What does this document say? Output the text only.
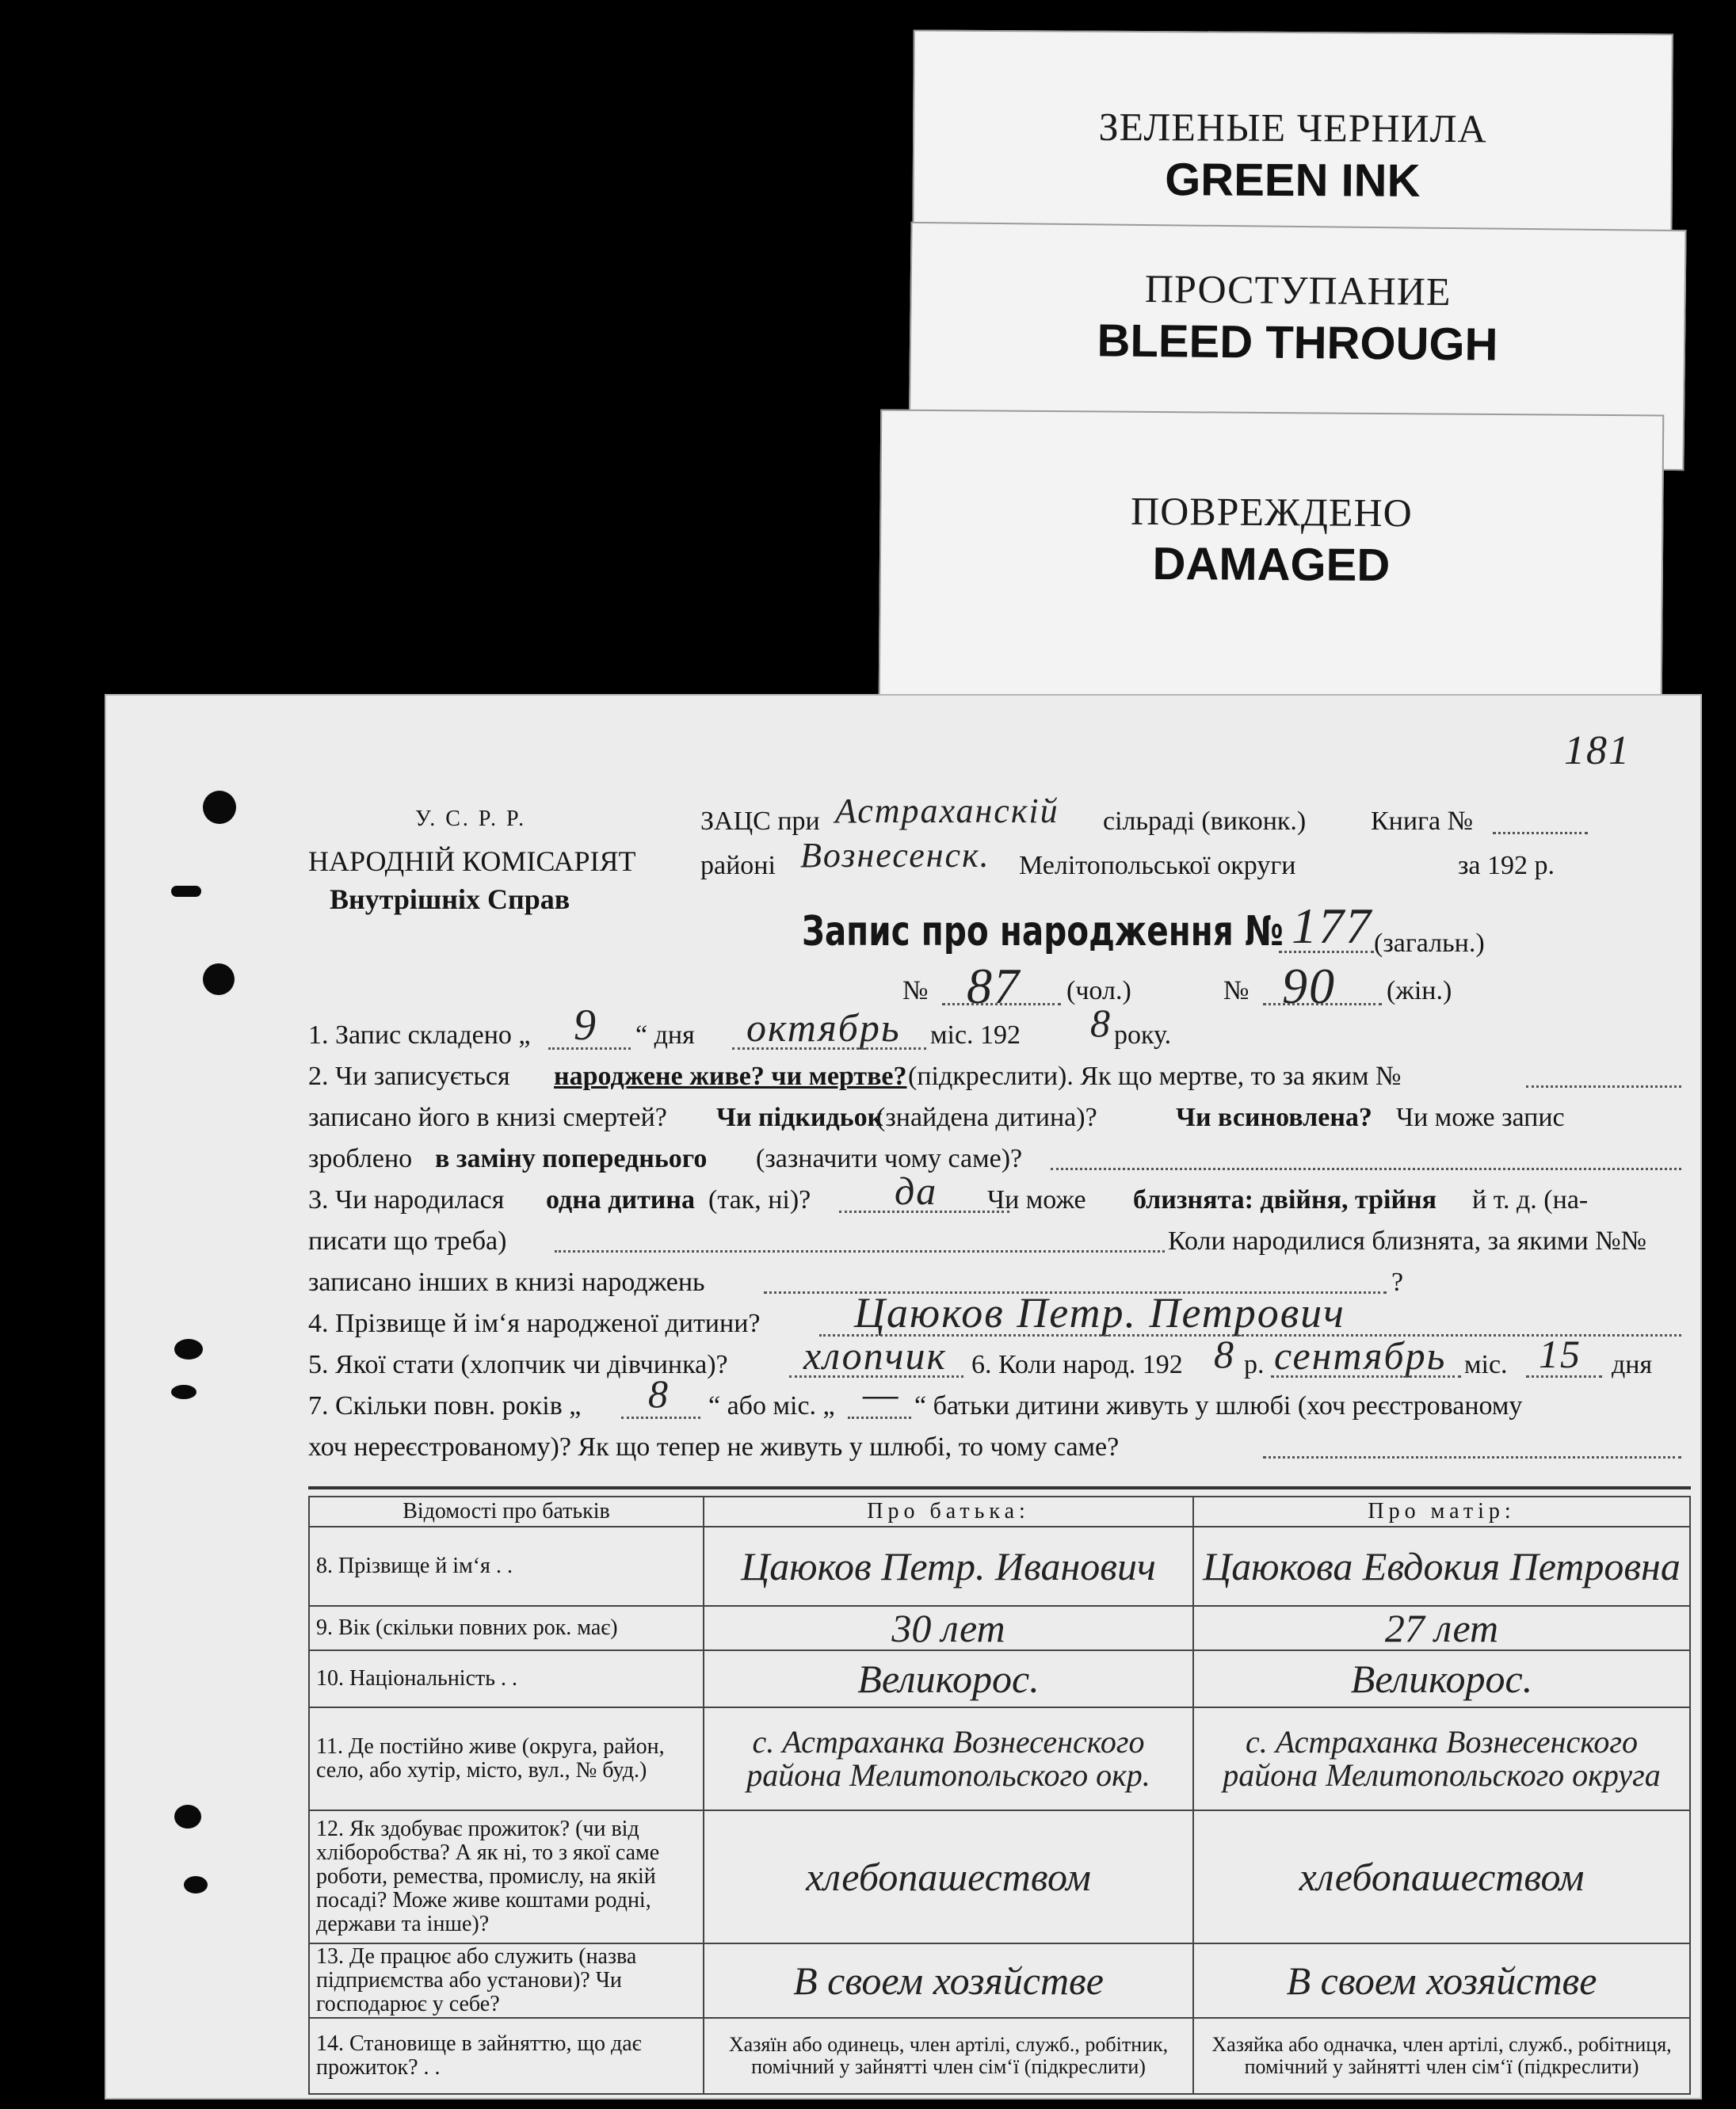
ЗЕЛЕНЫЕ ЧЕРНИЛА
GREEN INK
ПРОСТУПАНИЕ
BLEED THROUGH
ПОВРЕЖДЕНО
DAMAGED
181
У. С. Р. Р.
НАРОДНІЙ КОМІСАРІЯТ
Внутрішніх Справ
ЗАЦС при Астраханскій сільраді (виконк.) Книга №
районі Вознесенск. Мелітопольської округи	за 192 р.
Запис про народження № 177 (загальн.)
№ 87 (чол.)	№ 90 (жін.)
1. Запис складено „ 9 “ дня октябрь міс. 192 8 року.
2. Чи записується народжене живе? чи мертве? (підкреслити). Як що мертве, то за яким №
записано його в книзі смертей? Чи підкидьок
(знайдена дитина)?	Чи всиновлена? Чи може запис
зроблено в заміну попереднього (зазначити чому саме)?
3. Чи народилася одна дитина (так, ні)? да Чи може близнята: двійня, трійня й т. д. (на-
писати що треба)	Коли народилися близнята, за якими №№
записано інших в книзі народжень	?
4. Прізвище й ім‘я народженої дитини? Цаюков Петр. Петрович
5. Якої стати (хлопчик чи дівчинка)? хлопчик 6. Коли народ. 192 8 р. сентябрь міс. 15 дня
7. Скільки повн. років „ 8 “ або міс. „ — “ батьки дитини живуть у шлюбі (хоч реєстрованому
хоч нереєстрованому)? Як що тепер не живуть у шлюбі, то чому саме?
Відомості про батьків	Про батька:	Про матір:
8. Прізвище й ім‘я . .	Цаюков Петр. Иванович	Цаюкова Евдокия Петровна
9. Вік (скільки повних рок. має)	30 лет	27 лет
10. Національність . .	Великорос.	Великорос.
11. Де постійно живе (округа, район, село, або хутір, місто, вул., № буд.)	с. Астраханка Вознесенского района Мелитопольского окр.	с. Астраханка Вознесенского района Мелитопольского округа
12. Як здобуває прожиток? (чи від хліборобства? А як ні, то з якої саме роботи, ремества, промислу, на якій посаді? Може живе коштами родні, держави та інше)?	хлебопашеством	хлебопашеством
13. Де працює або служить (назва підприємства або установи)? Чи господарює у себе?	В своем хозяйстве	В своем хозяйстве
14. Становище в зайняттю, що дає прожиток? . .	Хазяїн або одинець, член артілі, служб., робітник, помічний у зайнятті член сім‘ї (підкреслити)	Хазяйка або одначка, член артілі, служб., робітниця, помічний у зайнятті член сім‘ї (підкреслити)
